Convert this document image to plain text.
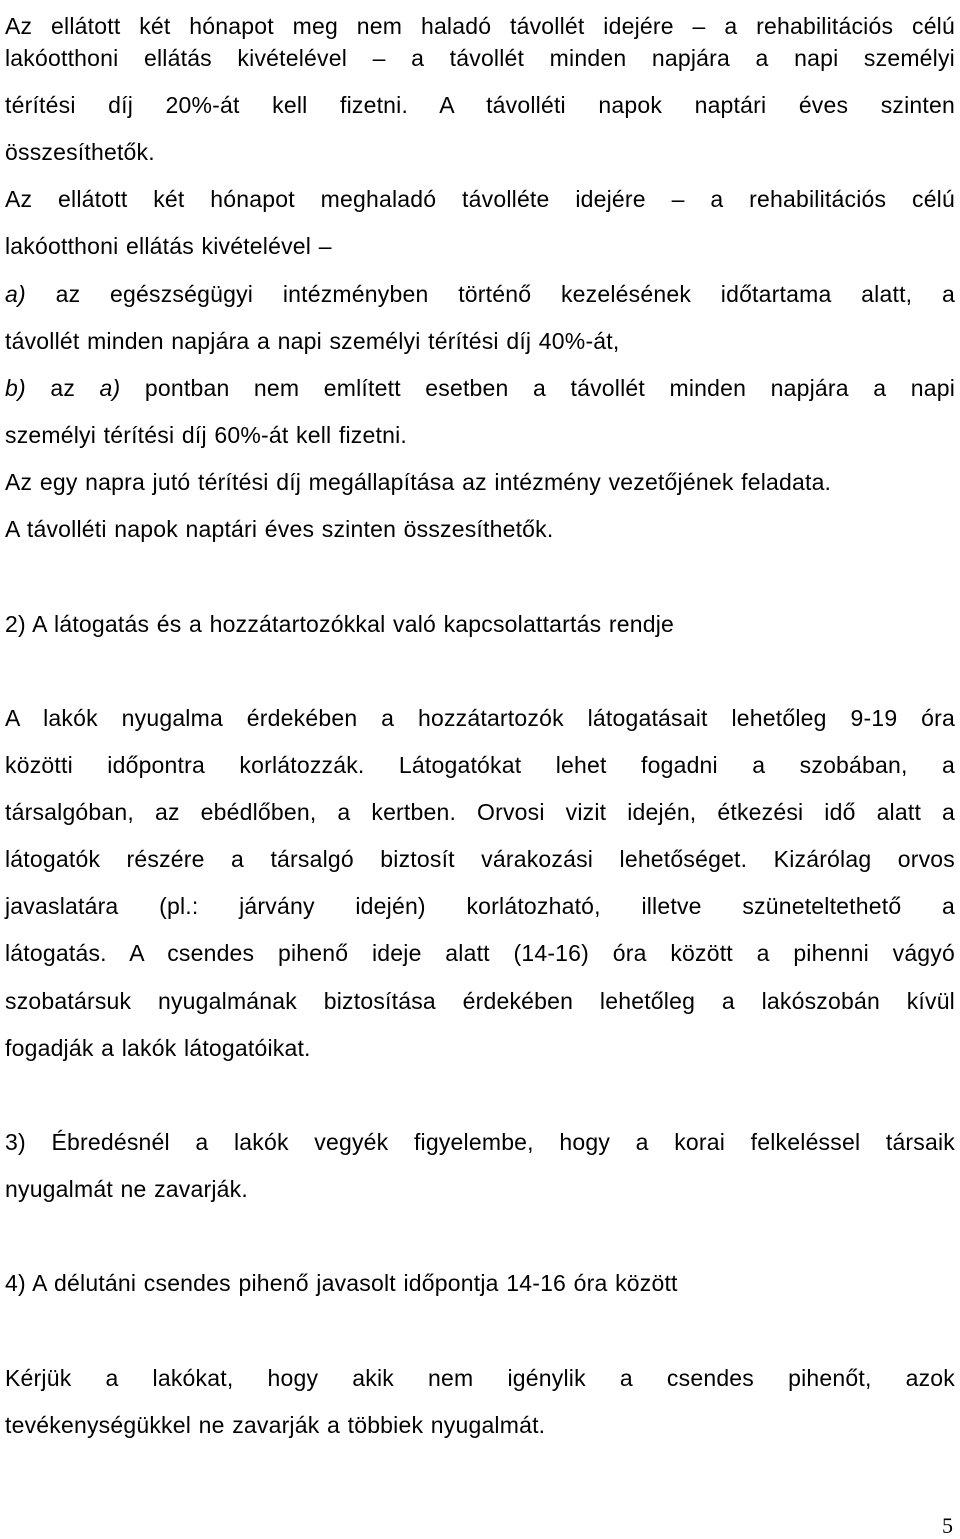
Az ellátott két hónapot meg nem haladó távollét idejére – a rehabilitációs célú
lakóotthoni ellátás kivételével – a távollét minden napjára a napi személyi
térítési díj 20%-át kell fizetni. A távolléti napok naptári éves szinten
összesíthetők.
Az ellátott két hónapot meghaladó távolléte idejére – a rehabilitációs célú
lakóotthoni ellátás kivételével –
a) az egészségügyi intézményben történő kezelésének időtartama alatt, a
távollét minden napjára a napi személyi térítési díj 40%-át,
b) az a) pontban nem említett esetben a távollét minden napjára a napi
személyi térítési díj 60%-át kell fizetni.
Az egy napra jutó térítési díj megállapítása az intézmény vezetőjének feladata.
A távolléti napok naptári éves szinten összesíthetők.
2) A látogatás és a hozzátartozókkal való kapcsolattartás rendje
A lakók nyugalma érdekében a hozzátartozók látogatásait lehetőleg 9-19 óra
közötti időpontra korlátozzák. Látogatókat lehet fogadni a szobában, a
társalgóban, az ebédlőben, a kertben. Orvosi vizit idején, étkezési idő alatt a
látogatók részére a társalgó biztosít várakozási lehetőséget. Kizárólag orvos
javaslatára (pl.: járvány idején) korlátozható, illetve szüneteltethető a
látogatás. A csendes pihenő ideje alatt (14-16) óra között a pihenni vágyó
szobatársuk nyugalmának biztosítása érdekében lehetőleg a lakószobán kívül
fogadják a lakók látogatóikat.
3) Ébredésnél a lakók vegyék figyelembe, hogy a korai felkeléssel társaik
nyugalmát ne zavarják.
4) A délutáni csendes pihenő javasolt időpontja 14-16 óra között
Kérjük a lakókat, hogy akik nem igénylik a csendes pihenőt, azok
tevékenységükkel ne zavarják a többiek nyugalmát.
5
